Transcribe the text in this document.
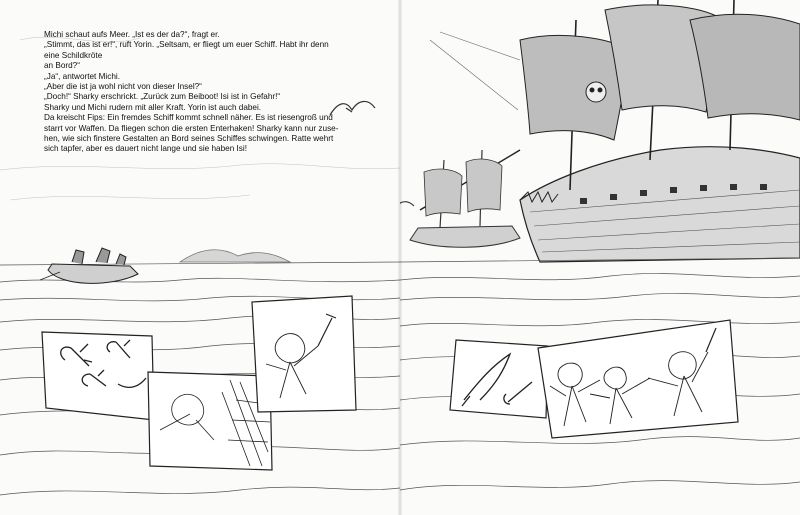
Michi schaut aufs Meer. „Ist es der da?“, fragt er.

„Stimmt, das ist er!“, ruft Yorin. „Seltsam, er fliegt um euer Schiff. Habt ihr denn

eine Schildkröte

an Bord?“

„Ja“, antwortet Michi.

„Aber die ist ja wohl nicht von dieser Insel?“

„Doch!“ Sharky erschrickt. „Zurück zum Beiboot! Isi ist in Gefahr!“

Sharky und Michi rudern mit aller Kraft. Yorin ist auch dabei.

Da kreischt Fips: Ein fremdes Schiff kommt schnell näher. Es ist riesengroß und

starrt vor Waffen. Da fliegen schon die ersten Enterhaken! Sharky kann nur zuse-

hen, wie sich finstere Gestalten an Bord seines Schiffes schwingen. Ratte wehrt

sich tapfer, aber es dauert nicht lange und sie haben Isi!
